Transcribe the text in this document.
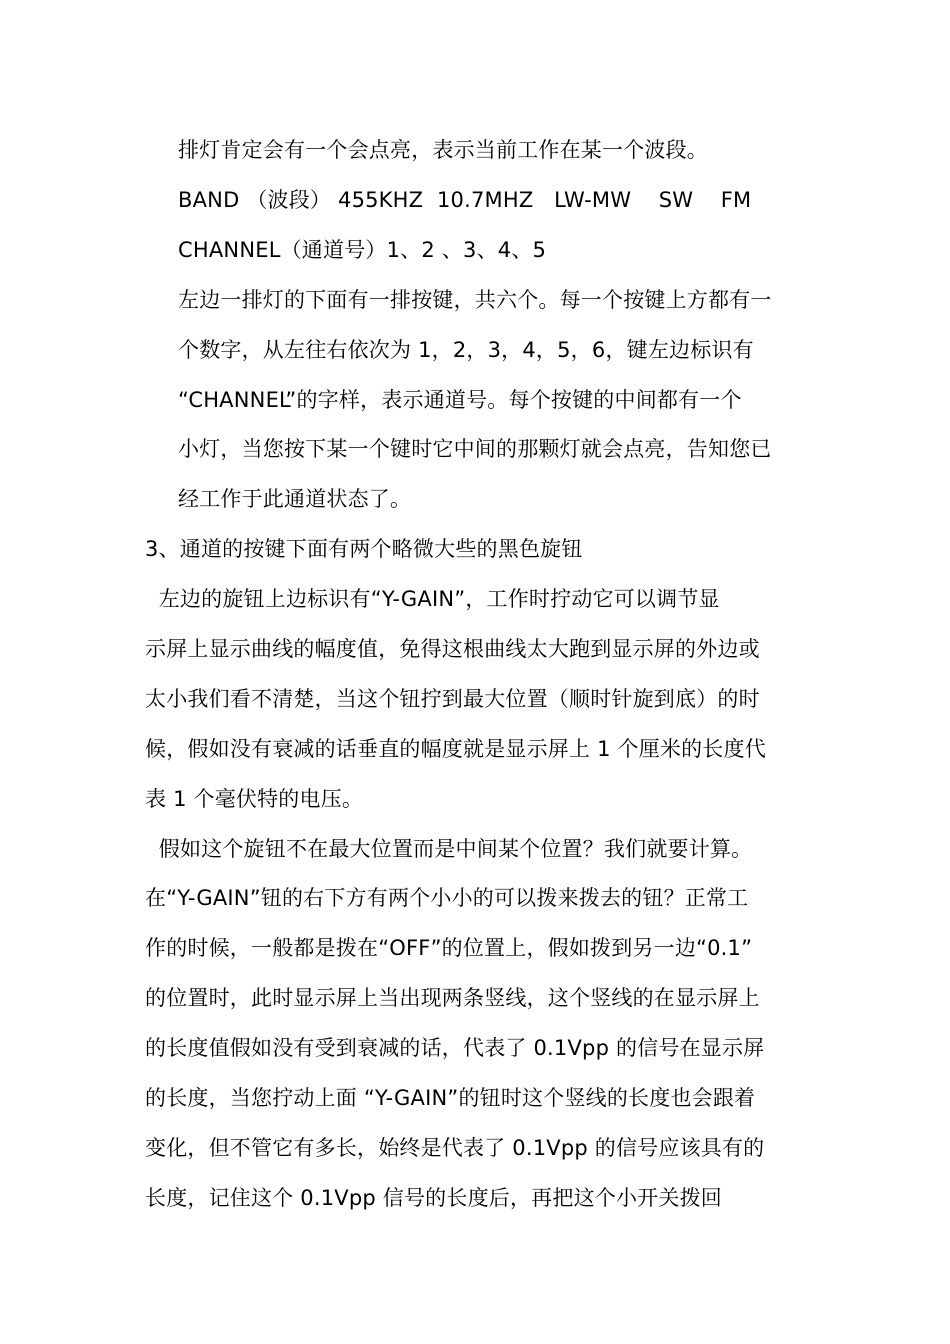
排灯肯定会有一个会点亮，表示当前工作在某一个波段。
BAND （波段） 455KHZ  10.7MHZ   LW-MW    SW    FM
CHANNEL（通道号）1、2 、3、4、5
左边一排灯的下面有一排按键，共六个。每一个按键上方都有一
个数字，从左往右依次为 1，2，3，4，5，6，键左边标识有
“CHANNEL”的字样，表示通道号。每个按键的中间都有一个
小灯，当您按下某一个键时它中间的那颗灯就会点亮，告知您已
经工作于此通道状态了。
3、通道的按键下面有两个略微大些的黑色旋钮
左边的旋钮上边标识有“Y-GAIN”，工作时拧动它可以调节显
示屏上显示曲线的幅度值，免得这根曲线太大跑到显示屏的外边或
太小我们看不清楚，当这个钮拧到最大位置（顺时针旋到底）的时
候，假如没有衰减的话垂直的幅度就是显示屏上 1 个厘米的长度代
表 1 个毫伏特的电压。
假如这个旋钮不在最大位置而是中间某个位置？我们就要计算。
在“Y-GAIN”钮的右下方有两个小小的可以拨来拨去的钮？正常工
作的时候，一般都是拨在“OFF”的位置上，假如拨到另一边“0.1”
的位置时，此时显示屏上当出现两条竖线，这个竖线的在显示屏上
的长度值假如没有受到衰减的话，代表了 0.1Vpp 的信号在显示屏
的长度，当您拧动上面 “Y-GAIN”的钮时这个竖线的长度也会跟着
变化，但不管它有多长，始终是代表了 0.1Vpp 的信号应该具有的
长度，记住这个 0.1Vpp 信号的长度后，再把这个小开关拨回
